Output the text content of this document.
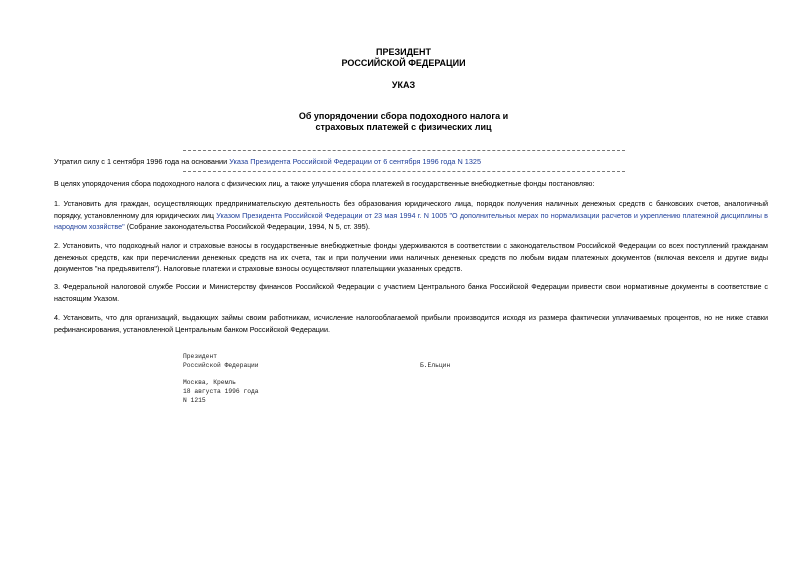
ПРЕЗИДЕНТ
РОССИЙСКОЙ ФЕДЕРАЦИИ
УКАЗ
Об упорядочении сбора подоходного налога и
страховых платежей с физических лиц
Утратил силу с 1 сентября 1996 года на основании Указа Президента Российской Федерации от 6 сентября 1996 года N 1325
В целях упорядочения сбора подоходного налога с физических лиц, а также улучшения сбора платежей в государственные внебюджетные фонды постановляю:
1. Установить для граждан, осуществляющих предпринимательскую деятельность без образования юридического лица, порядок получения наличных денежных средств с банковских счетов, аналогичный порядку, установленному для юридических лиц Указом Президента Российской Федерации от 23 мая 1994 г. N 1005 "О дополнительных мерах по нормализации расчетов и укреплению платежной дисциплины в народном хозяйстве" (Собрание законодательства Российской Федерации, 1994, N 5, ст. 395).
2. Установить, что подоходный налог и страховые взносы в государственные внебюджетные фонды удерживаются в соответствии с законодательством Российской Федерации со всех поступлений гражданам денежных средств, как при перечислении денежных средств на их счета, так и при получении ими наличных денежных средств по любым видам платежных документов (включая векселя и другие виды документов "на предъявителя"). Налоговые платежи и страховые взносы осуществляют плательщики указанных средств.
3. Федеральной налоговой службе России и Министерству финансов Российской Федерации с участием Центрального банка Российской Федерации привести свои нормативные документы в соответствие с настоящим Указом.
4. Установить, что для организаций, выдающих займы своим работникам, исчисление налогооблагаемой прибыли производится исходя из размера фактически уплачиваемых процентов, но не ниже ставки рефинансирования, установленной Центральным банком Российской Федерации.
Президент
Российской Федерации	Б.Ельцин
Москва, Кремль
18 августа 1996 года
N 1215
